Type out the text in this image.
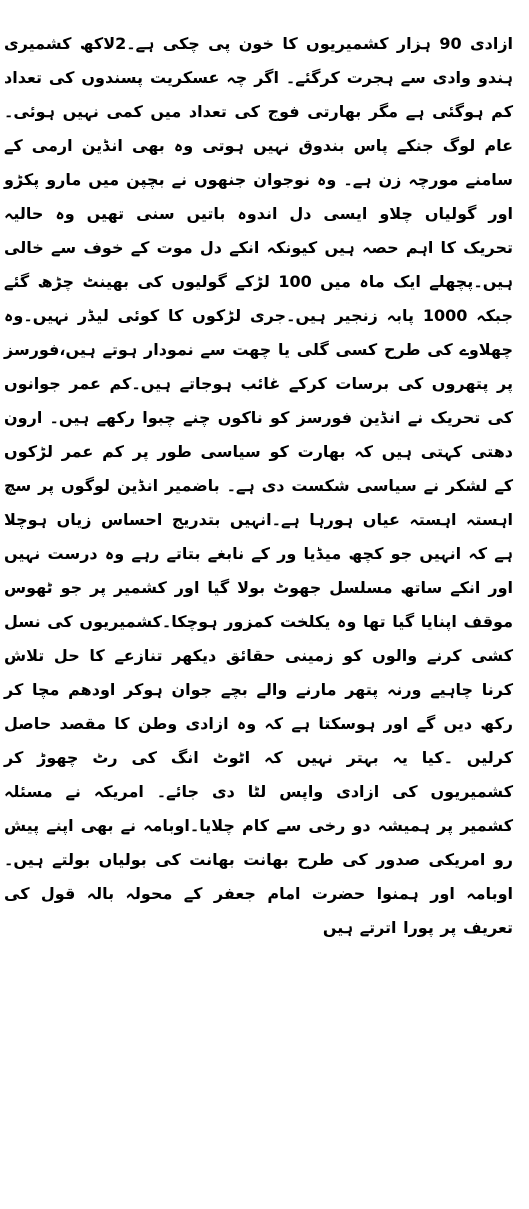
ازادی 90 ہزار کشمیریوں کا خون پی چکی ہے۔2لاکھ کشمیری ہندو وادی سے ہجرت کرگئے۔ اگر چہ عسکریت پسندوں کی تعداد کم ہوگئی ہے مگر بھارتی فوج کی تعداد میں کمی نہیں ہوئی۔ عام لوگ جنکے پاس بندوق نہیں ہوتی وہ بھی انڈین ارمی کے سامنے مورچہ زن ہے۔ وہ نوجوان جنھوں نے بچپن میں مارو پکڑو اور گولیاں چلاو ایسی دل اندوہ باتیں سنی تھیں وہ حالیہ تحریک کا اہم حصہ ہیں کیونکہ انکے دل موت کے خوف سے خالی ہیں۔پچھلے ایک ماہ میں 100 لڑکے گولیوں کی بھینٹ چڑھ گئے جبکہ 1000 پابہ زنجیر ہیں۔جری لڑکوں کا کوئی لیڈر نہیں۔وہ چھلاوے کی طرح کسی گلی یا چھت سے نمودار ہوتے ہیں،فورسز پر پتھروں کی برسات کرکے غائب ہوجاتے ہیں۔کم عمر جوانوں کی تحریک نے انڈین فورسز کو ناکوں چنے چبوا رکھے ہیں۔ ارون دھتی کہتی ہیں کہ بھارت کو سیاسی طور پر کم عمر لڑکوں کے لشکر نے سیاسی شکست دی ہے۔ باضمیر انڈین لوگوں پر سچ اہستہ اہستہ عیاں ہورہا ہے۔انہیں بتدریج احساس زیاں ہوچلا ہے کہ انہیں جو کچھ میڈیا ور کے نابغے بتاتے رہے وہ درست نہیں اور انکے ساتھ مسلسل جھوٹ بولا گیا اور کشمیر پر جو ٹھوس موقف اپنایا گیا تھا وہ یکلخت کمزور ہوچکا۔کشمیریوں کی نسل کشی کرنے والوں کو زمینی حقائق دیکھر تنازعے کا حل تلاش کرنا چاہیے ورنہ پتھر مارنے والے بچے جوان ہوکر اودھم مچا کر رکھ دیں گے اور ہوسکتا ہے کہ وہ ازادی وطن کا مقصد حاصل کرلیں ۔کیا یہ بہتر نہیں کہ اٹوٹ انگ کی رٹ چھوڑ کر کشمیریوں کی ازادی واپس لٹا دی جائے۔ امریکہ نے مسئلہ کشمیر پر ہمیشہ دو رخی سے کام چلایا۔اوبامہ نے بھی اپنے پیش رو امریکی صدور کی طرح بھانت بھانت کی بولیاں بولتے ہیں۔ اوبامہ اور ہمنوا حضرت امام جعفر کے محولہ بالہ قول کی تعریف پر پورا اترتے ہیں
